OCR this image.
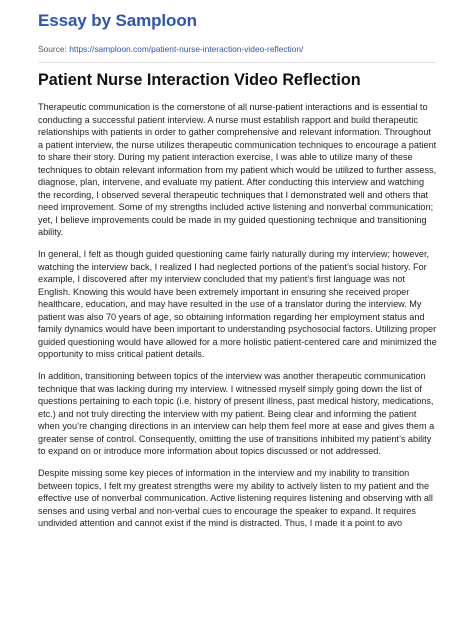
Essay by Samploon
Source: https://samploon.com/patient-nurse-interaction-video-reflection/
Patient Nurse Interaction Video Reflection

Therapeutic communication is the cornerstone of all nurse-patient interactions and is essential to conducting a successful patient interview. A nurse must establish rapport and build therapeutic relationships with patients in order to gather comprehensive and relevant information. Throughout a patient interview, the nurse utilizes therapeutic communication techniques to encourage a patient to share their story. During my patient interaction exercise, I was able to utilize many of these techniques to obtain relevant information from my patient which would be utilized to further assess, diagnose, plan, intervene, and evaluate my patient. After conducting this interview and watching the recording, I observed several therapeutic techniques that I demonstrated well and others that need improvement. Some of my strengths included active listening and nonverbal communication; yet, I believe improvements could be made in my guided questioning technique and transitioning ability.

In general, I felt as though guided questioning came fairly naturally during my interview; however, watching the interview back, I realized I had neglected portions of the patient’s social history. For example, I discovered after my interview concluded that my patient’s first language was not English. Knowing this would have been extremely important in ensuring she received proper healthcare, education, and may have resulted in the use of a translator during the interview. My patient was also 70 years of age, so obtaining information regarding her employment status and family dynamics would have been important to understanding psychosocial factors. Utilizing proper guided questioning would have allowed for a more holistic patient-centered care and minimized the opportunity to miss critical patient details.

In addition, transitioning between topics of the interview was another therapeutic communication technique that was lacking during my interview. I witnessed myself simply going down the list of questions pertaining to each topic (i.e. history of present illness, past medical history, medications, etc.) and not truly directing the interview with my patient. Being clear and informing the patient when you’re changing directions in an interview can help them feel more at ease and gives them a greater sense of control. Consequently, omitting the use of transitions inhibited my patient’s ability to expand on or introduce more information about topics discussed or not addressed.

Despite missing some key pieces of information in the interview and my inability to transition between topics, I felt my greatest strengths were my ability to actively listen to my patient and the effective use of nonverbal communication. Active listening requires listening and observing with all senses and using verbal and non-verbal cues to encourage the speaker to expand. It requires undivided attention and cannot exist if the mind is distracted. Thus, I made it a point to avo
